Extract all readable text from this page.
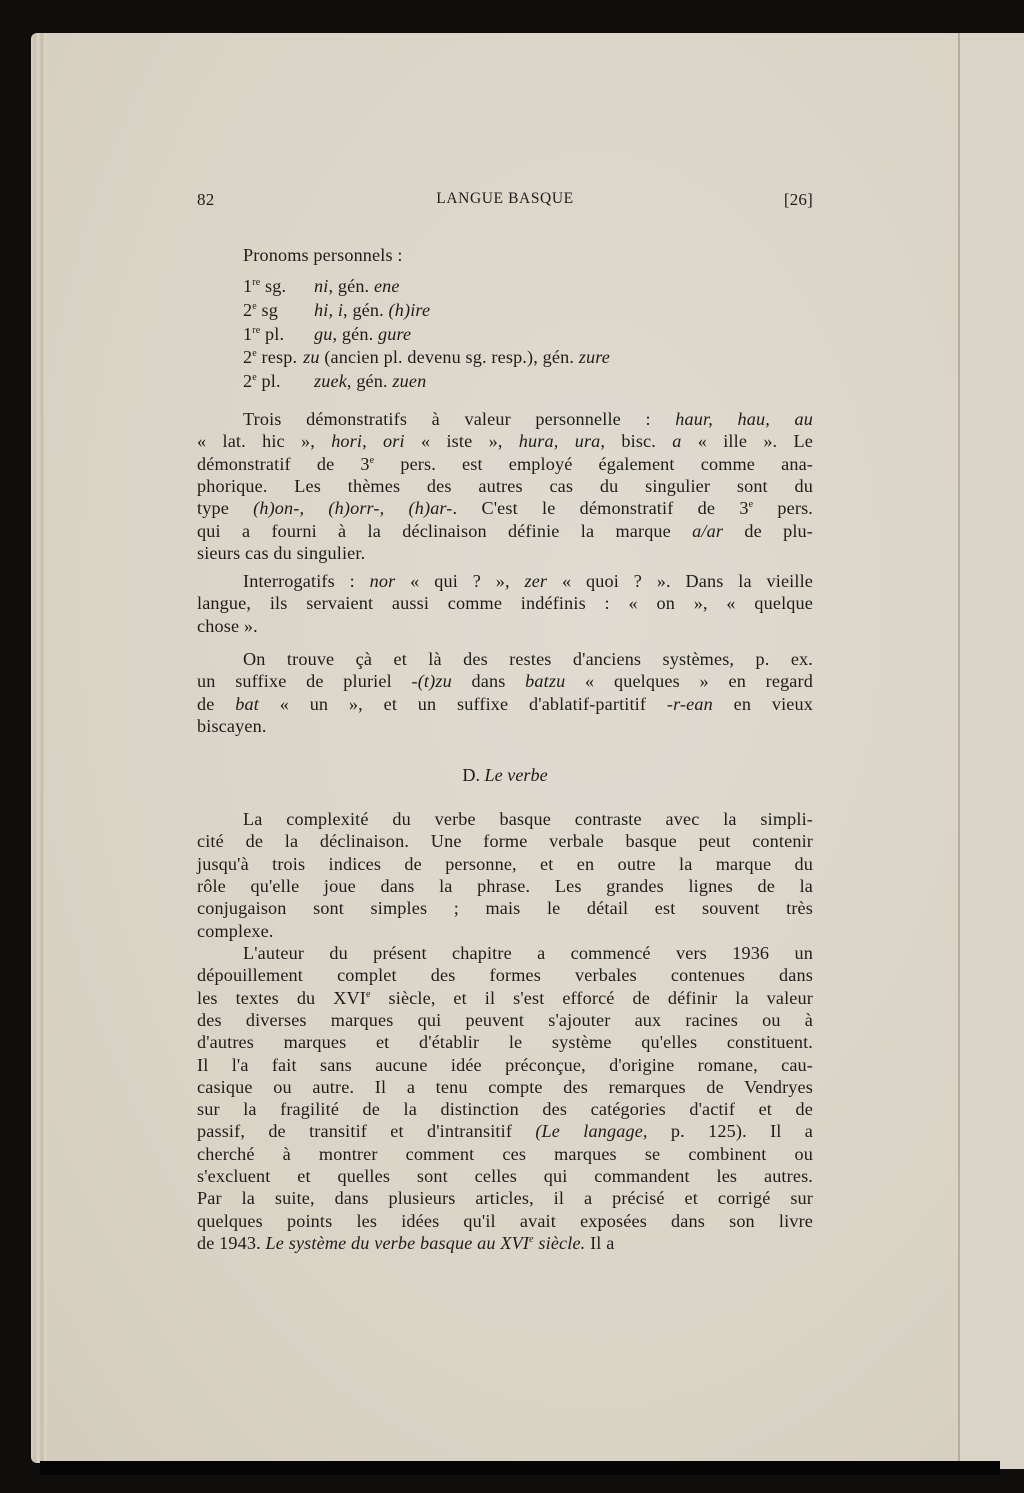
82	LANGUE BASQUE	[26]
Pronoms personnels :
1re sg. ni, gén. ene
2e sg hi, i, gén. (h)ire
1re pl. gu, gén. gure
2e resp. zu (ancien pl. devenu sg. resp.), gén. zure
2e pl. zuek, gén. zuen
Trois démonstratifs à valeur personnelle : haur, hau, au
« lat. hic », hori, ori « iste », hura, ura, bisc. a « ille ». Le
démonstratif de 3e pers. est employé également comme ana-
phorique. Les thèmes des autres cas du singulier sont du
type (h)on-, (h)orr-, (h)ar-. C'est le démonstratif de 3e pers.
qui a fourni à la déclinaison définie la marque a/ar de plu-
sieurs cas du singulier.
Interrogatifs : nor « qui ? », zer « quoi ? ». Dans la vieille
langue, ils servaient aussi comme indéfinis : « on », « quelque
chose ».
On trouve çà et là des restes d'anciens systèmes, p. ex.
un suffixe de pluriel -(t)zu dans batzu « quelques » en regard
de bat « un », et un suffixe d'ablatif-partitif -r-ean en vieux
biscayen.
D. Le verbe
La complexité du verbe basque contraste avec la simpli-
cité de la déclinaison. Une forme verbale basque peut contenir
jusqu'à trois indices de personne, et en outre la marque du
rôle qu'elle joue dans la phrase. Les grandes lignes de la
conjugaison sont simples ; mais le détail est souvent très
complexe.
L'auteur du présent chapitre a commencé vers 1936 un
dépouillement complet des formes verbales contenues dans
les textes du XVIe siècle, et il s'est efforcé de définir la valeur
des diverses marques qui peuvent s'ajouter aux racines ou à
d'autres marques et d'établir le système qu'elles constituent.
Il l'a fait sans aucune idée préconçue, d'origine romane, cau-
casique ou autre. Il a tenu compte des remarques de Vendryes
sur la fragilité de la distinction des catégories d'actif et de
passif, de transitif et d'intransitif (Le langage, p. 125). Il a
cherché à montrer comment ces marques se combinent ou
s'excluent et quelles sont celles qui commandent les autres.
Par la suite, dans plusieurs articles, il a précisé et corrigé sur
quelques points les idées qu'il avait exposées dans son livre
de 1943. Le système du verbe basque au XVIe siècle. Il a
